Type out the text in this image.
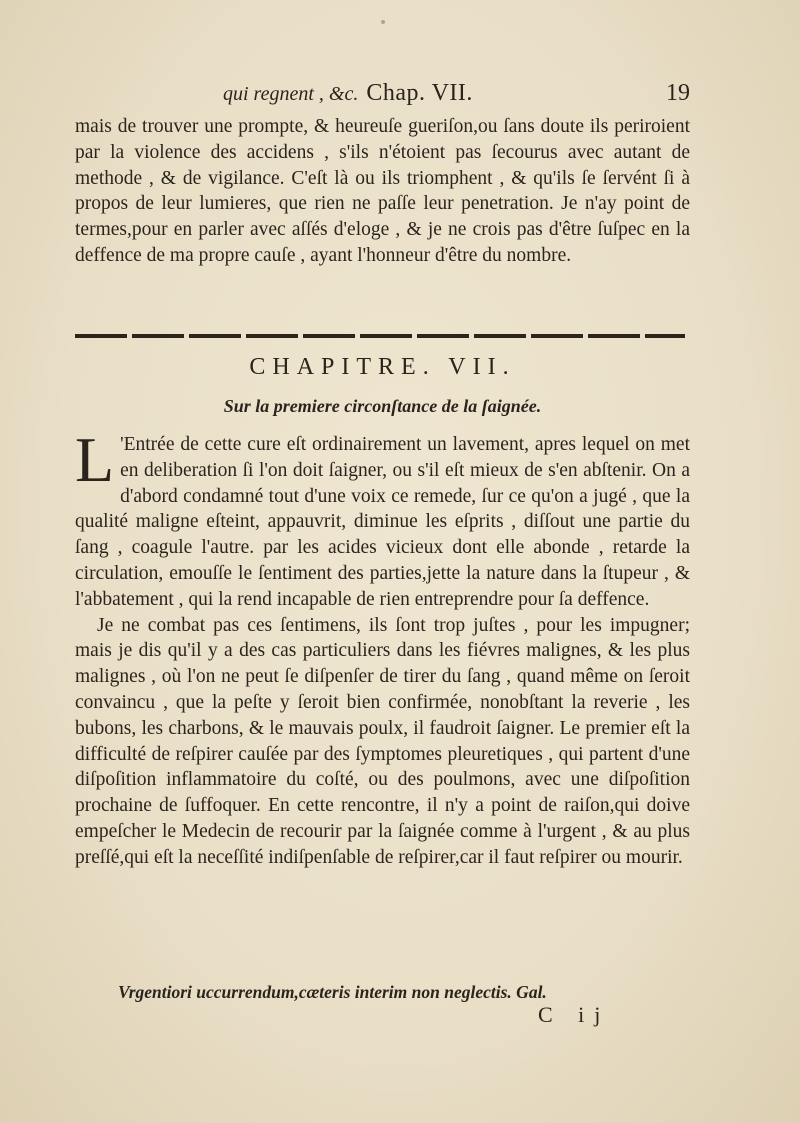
qui regnent , &c. Chap. VII.	19
mais de trouver une prompte, & heureuſe gueriſon,ou ſans doute ils periroient par la violence des accidens , s'ils n'étoient pas ſecourus avec autant de methode , & de vigilance. C'eſt là ou ils triomphent , & qu'ils ſe ſervént ſi à propos de leur lumieres, que rien ne paſſe leur penetration. Je n'ay point de termes,pour en parler avec aſſés d'eloge , & je ne crois pas d'être ſuſpec en la deffence de ma propre cauſe , ayant l'honneur d'être du nombre.
CHAPITRE. VII.
Sur la premiere circonſtance de la ſaignée.

L 'Entrée de cette cure eſt ordinairement un lavement, apres lequel on met en deliberation ſi l'on doit ſaigner, ou s'il eſt mieux de s'en abſtenir. On a d'abord condamné tout d'une voix ce remede, ſur ce qu'on a jugé , que la qualité maligne eſteint, appauvrit, diminue les eſprits , diſſout une partie du ſang , coagule l'autre. par les acides vicieux dont elle abonde , retarde la circulation, emouſſe le ſentiment des parties,jette la nature dans la ſtupeur , & l'abbatement , qui la rend incapable de rien entreprendre pour ſa deffence.

Je ne combat pas ces ſentimens, ils ſont trop juſtes , pour les impugner; mais je dis qu'il y a des cas particuliers dans les fiévres malignes, & les plus malignes , où l'on ne peut ſe diſpenſer de tirer du ſang , quand même on ſeroit convaincu , que la peſte y ſeroit bien confirmée, nonobſtant la reverie , les bubons, les charbons, & le mauvais poulx, il faudroit ſaigner. Le premier eſt la difficulté de reſpirer cauſée par des ſymptomes pleuretiques , qui partent d'une diſpoſition inflammatoire du coſté, ou des poulmons, avec une diſpoſition prochaine de ſuffoquer. En cette rencontre, il n'y a point de raiſon,qui doive empeſcher le Medecin de recourir par la ſaignée comme à l'urgent , & au plus preſſé,qui eſt la neceſſité indiſpenſable de reſpirer,car il faut reſpirer ou mourir.

Vrgentiori uccurrendum,cæteris interim non neglectis. Gal.
C ij
